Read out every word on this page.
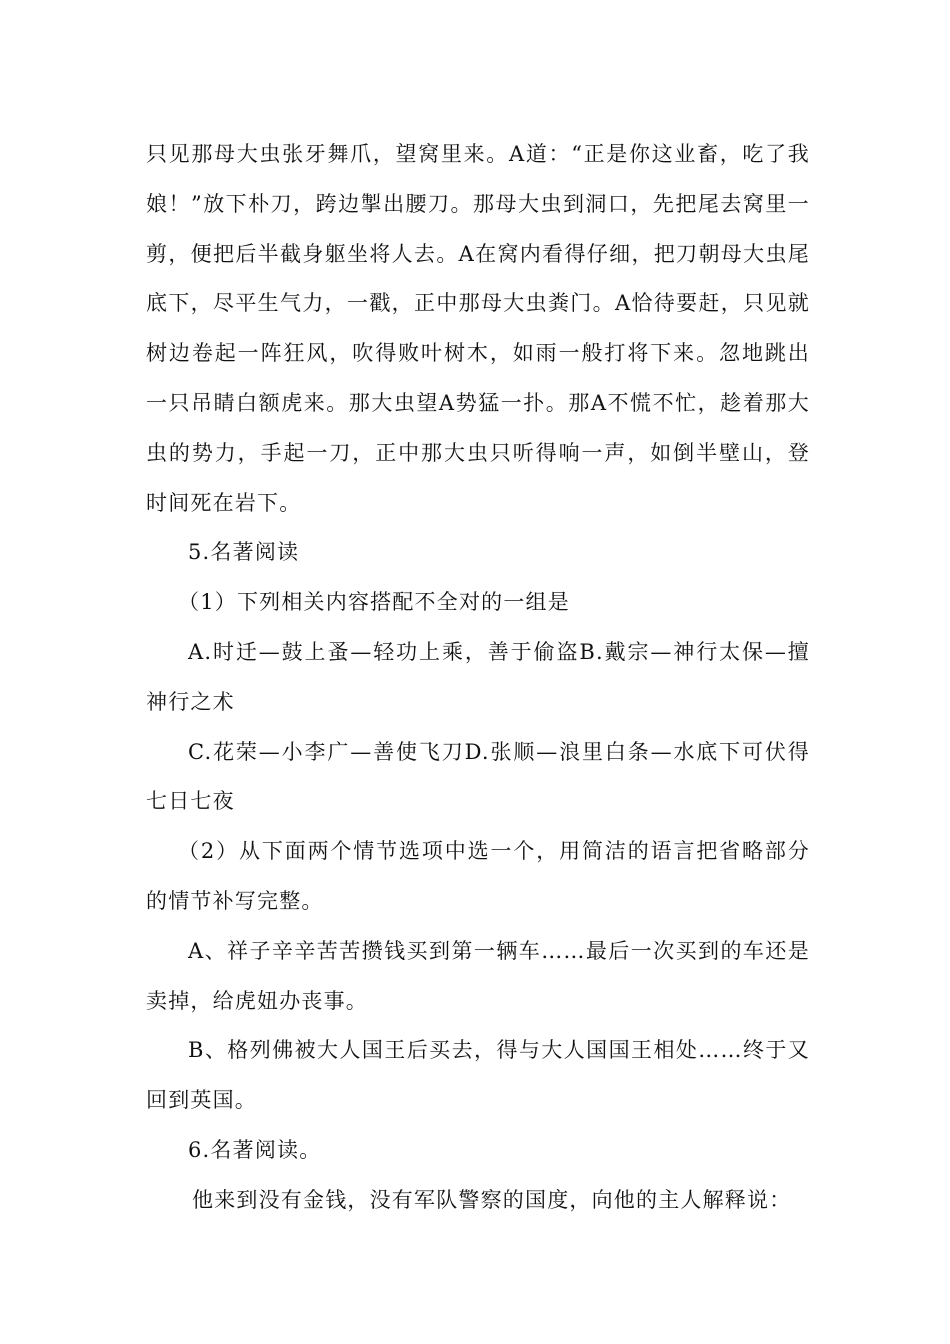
只见那母大虫张牙舞爪，望窝里来。A道：“正是你这业畜，吃了我娘！”放下朴刀，跨边掣出腰刀。那母大虫到洞口，先把尾去窝里一剪，便把后半截身躯坐将人去。A在窝内看得仔细，把刀朝母大虫尾底下，尽平生气力，一戳，正中那母大虫粪门。A恰待要赶，只见就树边卷起一阵狂风，吹得败叶树木，如雨一般打将下来。忽地跳出一只吊睛白额虎来。那大虫望A势猛一扑。那A不慌不忙，趁着那大虫的势力，手起一刀，正中那大虫只听得响一声，如倒半壁山，登时间死在岩下。

5.名著阅读

（1）下列相关内容搭配不全对的一组是

A.时迁—鼓上蚤—轻功上乘，善于偷盗B.戴宗—神行太保—擅神行之术

C.花荣—小李广—善使飞刀D.张顺—浪里白条—水底下可伏得七日七夜

（2）从下面两个情节选项中选一个，用简洁的语言把省略部分的情节补写完整。

A、祥子辛辛苦苦攒钱买到第一辆车……最后一次买到的车还是卖掉，给虎妞办丧事。

B、格列佛被大人国王后买去，得与大人国国王相处……终于又回到英国。

6.名著阅读。

他来到没有金钱，没有军队警察的国度，向他的主人解释说：
